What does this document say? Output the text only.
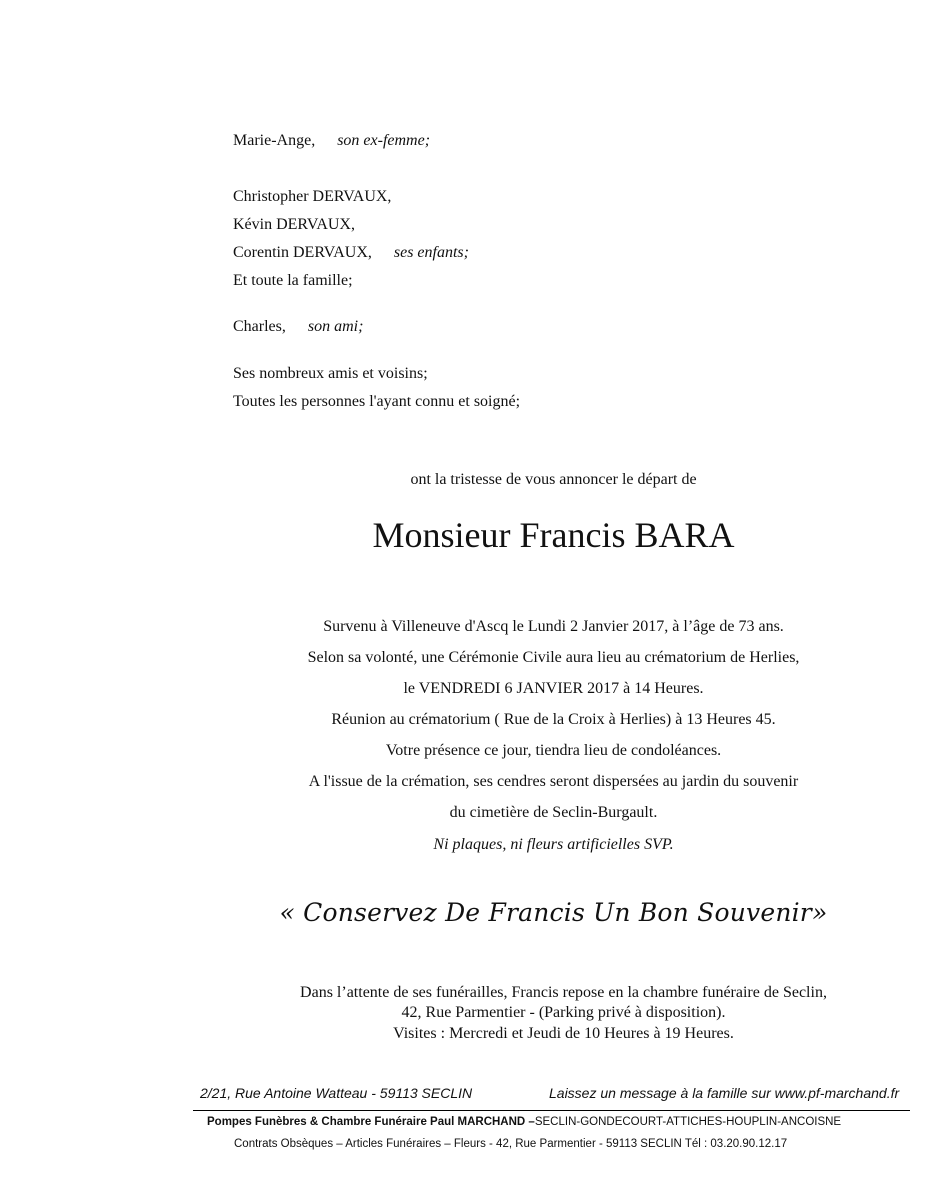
Marie-Ange, son ex-femme;
Christopher DERVAUX,
Kévin DERVAUX,
Corentin DERVAUX, ses enfants;
Et toute la famille;
Charles, son ami;
Ses nombreux amis et voisins;
Toutes les personnes l'ayant connu et soigné;
ont la tristesse de vous annoncer le départ de
Monsieur Francis BARA
Survenu à Villeneuve d'Ascq le Lundi 2 Janvier 2017, à l’âge de 73 ans.
Selon sa volonté, une Cérémonie Civile aura lieu au crématorium de Herlies,
le VENDREDI 6 JANVIER 2017 à 14 Heures.
Réunion au crématorium ( Rue de la Croix à Herlies) à 13 Heures 45.
Votre présence ce jour, tiendra lieu de condoléances.
A l'issue de la crémation, ses cendres seront dispersées au jardin du souvenir
du cimetière de Seclin-Burgault.
Ni plaques, ni fleurs artificielles SVP.
« Conservez De Francis Un Bon Souvenir»
Dans l’attente de ses funérailles, Francis repose en la chambre funéraire de Seclin,
42, Rue Parmentier - (Parking privé à disposition).
Visites : Mercredi et Jeudi de 10 Heures à 19 Heures.
2/21, Rue Antoine Watteau - 59113 SECLIN	Laissez un message à la famille sur www.pf-marchand.fr
Pompes Funèbres & Chambre Funéraire Paul MARCHAND –SECLIN-GONDECOURT-ATTICHES-HOUPLIN-ANCOISNE
Contrats Obsèques – Articles Funéraires – Fleurs - 42, Rue Parmentier - 59113 SECLIN Tél : 03.20.90.12.17
